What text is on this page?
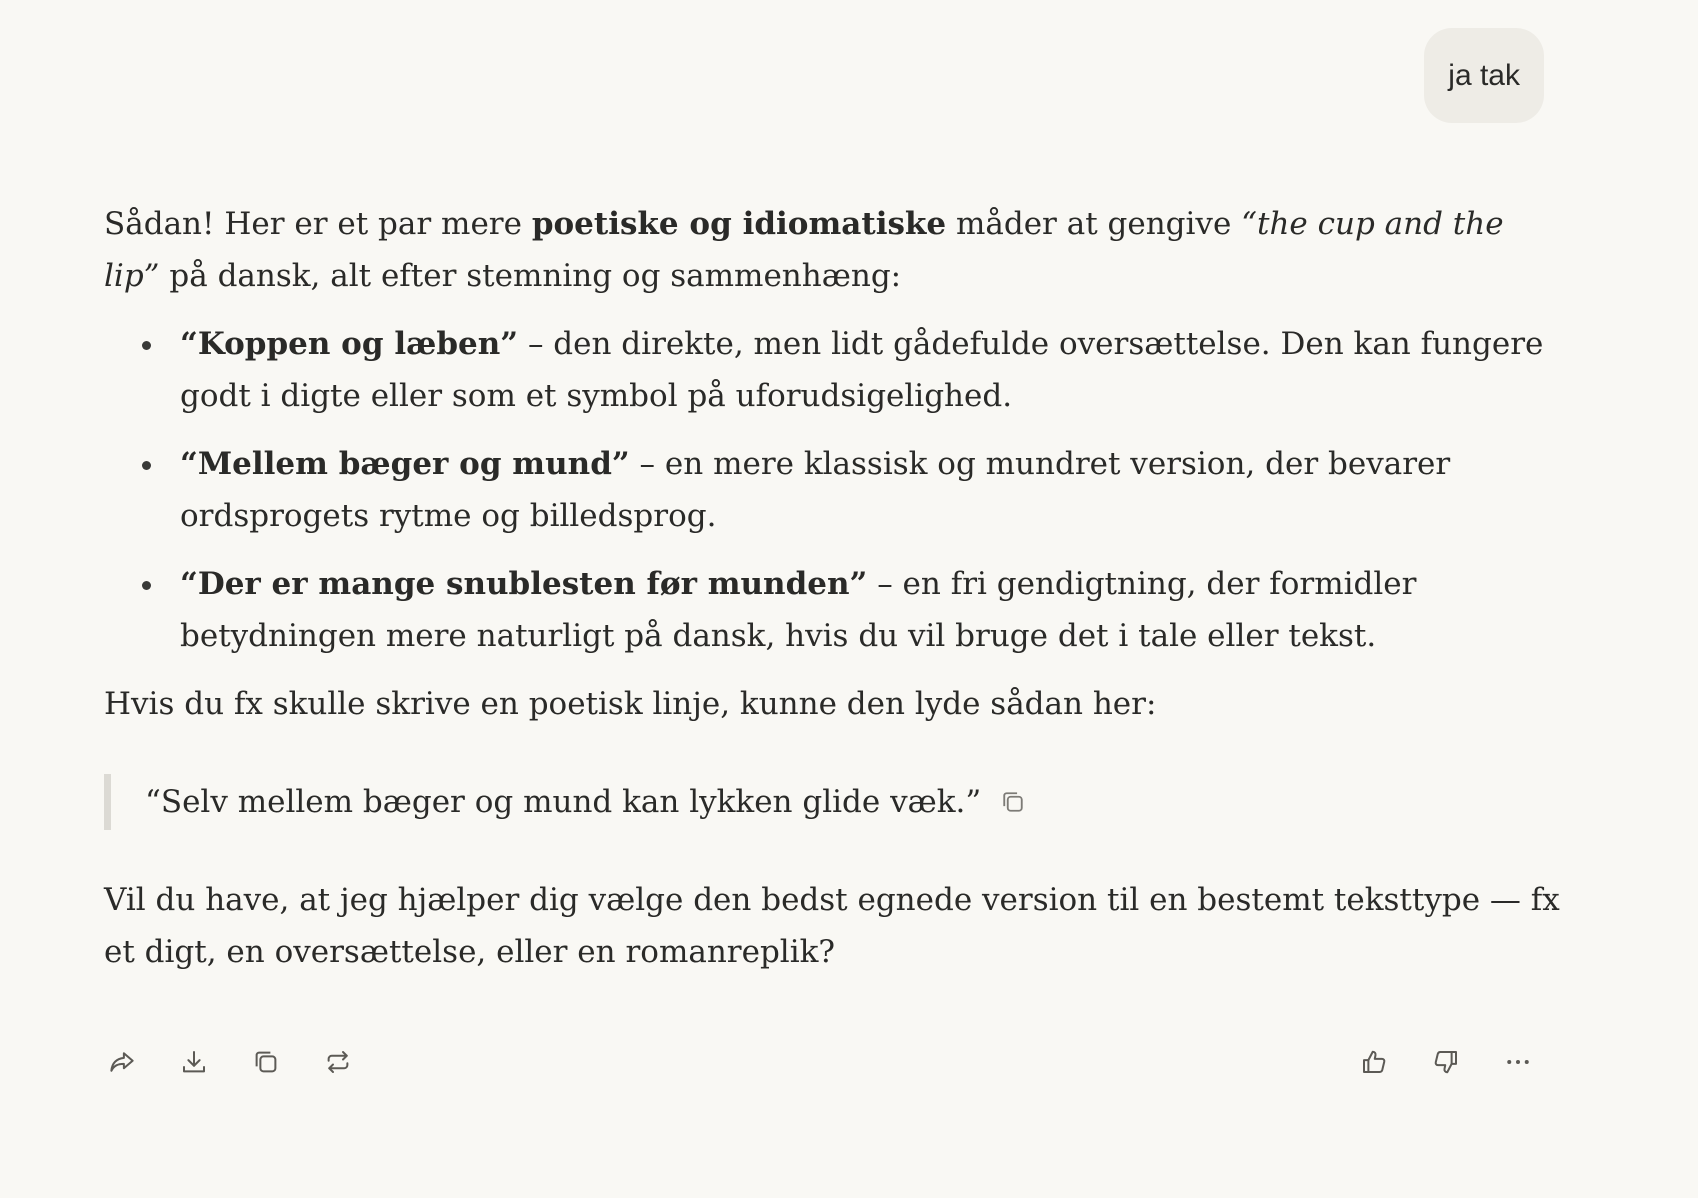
ja tak

Sådan! Her er et par mere poetiske og idiomatiske måder at gengive “the cup and the lip” på dansk, alt efter stemning og sammenhæng:

“Koppen og læben” – den direkte, men lidt gådefulde oversættelse. Den kan fungere godt i digte eller som et symbol på uforudsigelighed.
“Mellem bæger og mund” – en mere klassisk og mundret version, der bevarer ordsprogets rytme og billedsprog.
“Der er mange snublesten før munden” – en fri gendigtning, der formidler betydningen mere naturligt på dansk, hvis du vil bruge det i tale eller tekst.

Hvis du fx skulle skrive en poetisk linje, kunne den lyde sådan her:

“Selv mellem bæger og mund kan lykken glide væk.”

Vil du have, at jeg hjælper dig vælge den bedst egnede version til en bestemt teksttype — fx et digt, en oversættelse, eller en romanreplik?
